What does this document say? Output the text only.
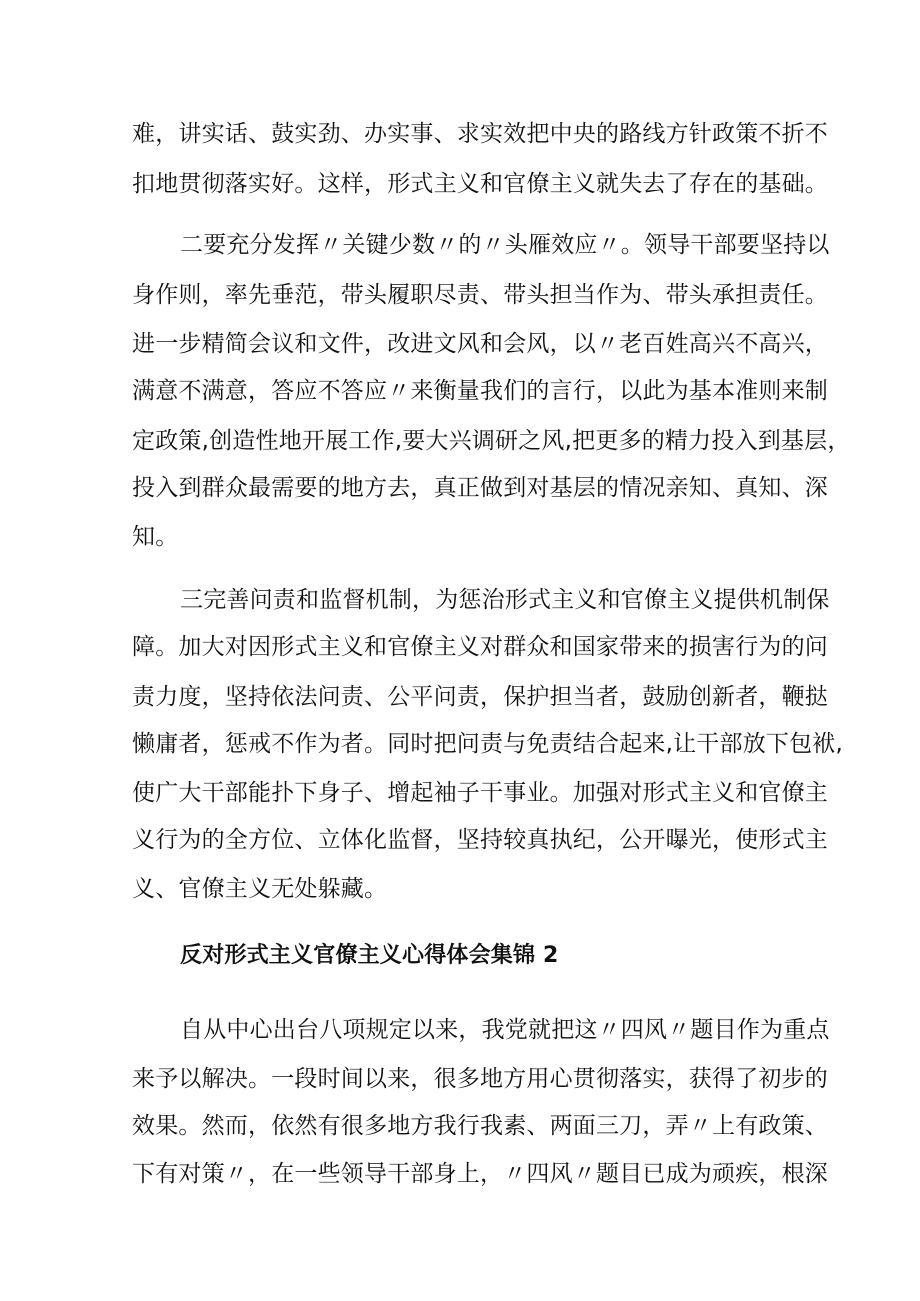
难，讲实话、鼓实劲、办实事、求实效把中央的路线方针政策不折不
扣地贯彻落实好。这样，形式主义和官僚主义就失去了存在的基础。
二要充分发挥〃关键少数〃的〃头雁效应〃。领导干部要坚持以
身作则，率先垂范，带头履职尽责、带头担当作为、带头承担责任。
进一步精简会议和文件，改进文风和会风，以〃老百姓高兴不高兴，
满意不满意，答应不答应〃来衡量我们的言行，以此为基本准则来制
定政策,创造性地开展工作,要大兴调研之风,把更多的精力投入到基层，
投入到群众最需要的地方去，真正做到对基层的情况亲知、真知、深
知。
三完善问责和监督机制，为惩治形式主义和官僚主义提供机制保
障。加大对因形式主义和官僚主义对群众和国家带来的损害行为的问
责力度，坚持依法问责、公平问责，保护担当者，鼓励创新者，鞭挞
懒庸者，惩戒不作为者。同时把问责与免责结合起来,让干部放下包袱,
使广大干部能扑下身子、增起袖子干事业。加强对形式主义和官僚主
义行为的全方位、立体化监督，坚持较真执纪，公开曝光，使形式主
义、官僚主义无处躲藏。
反对形式主义官僚主义心得体会集锦 2
自从中心出台八项规定以来，我党就把这〃四风〃题目作为重点
来予以解决。一段时间以来，很多地方用心贯彻落实，获得了初步的
效果。然而，依然有很多地方我行我素、两面三刀，弄〃上有政策、
下有对策〃，在一些领导干部身上，〃四风〃题目已成为顽疾，根深
